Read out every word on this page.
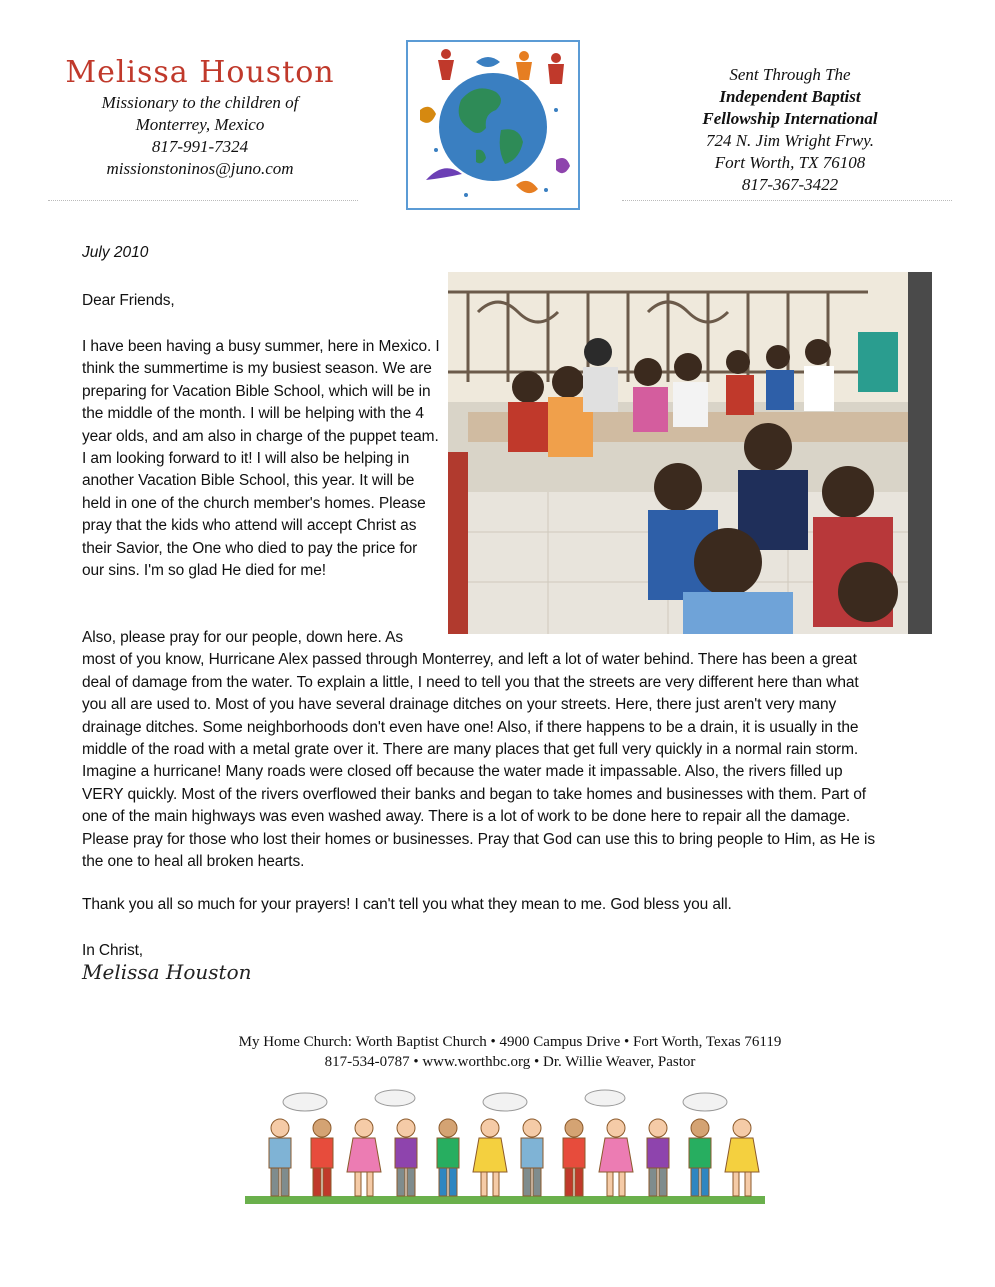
Melissa Houston
Missionary to the children of
Monterrey, Mexico
817-991-7324
missionstoninos@juno.com
Sent Through The
Independent Baptist
Fellowship International
724 N. Jim Wright Frwy.
Fort Worth, TX 76108
817-367-3422
July 2010
Dear Friends,
I have been having a busy summer, here in Mexico. I think the summertime is my busiest season. We are preparing for Vacation Bible School, which will be in the middle of the month. I will be helping with the 4 year olds, and am also in charge of the puppet team. I am looking forward to it! I will also be helping in another Vacation Bible School, this year. It will be held in one of the church member's homes. Please pray that the kids who attend will accept Christ as their Savior, the One who died to pay the price for our sins. I'm so glad He died for me!
Also, please pray for our people, down here. As
most of you know, Hurricane Alex passed through Monterrey, and left a lot of water behind. There has been a great
deal of damage from the water. To explain a little, I need to tell you that the streets are very different here than what
you all are used to. Most of you have several drainage ditches on your streets. Here, there just aren't very many
drainage ditches. Some neighborhoods don't even have one! Also, if there happens to be a drain, it is usually in the
middle of the road with a metal grate over it. There are many places that get full very quickly in a normal rain storm.
Imagine a hurricane! Many roads were closed off because the water made it impassable. Also, the rivers filled up
VERY quickly. Most of the rivers overflowed their banks and began to take homes and businesses with them. Part of
one of the main highways was even washed away. There is a lot of work to be done here to repair all the damage.
Please pray for those who lost their homes or businesses. Pray that God can use this to bring people to Him, as He is
the one to heal all broken hearts.
Thank you all so much for your prayers! I can't tell you what they mean to me. God bless you all.
In Christ,
Melissa Houston
My Home Church: Worth Baptist Church • 4900 Campus Drive • Fort Worth, Texas 76119
817-534-0787 • www.worthbc.org • Dr. Willie Weaver, Pastor
